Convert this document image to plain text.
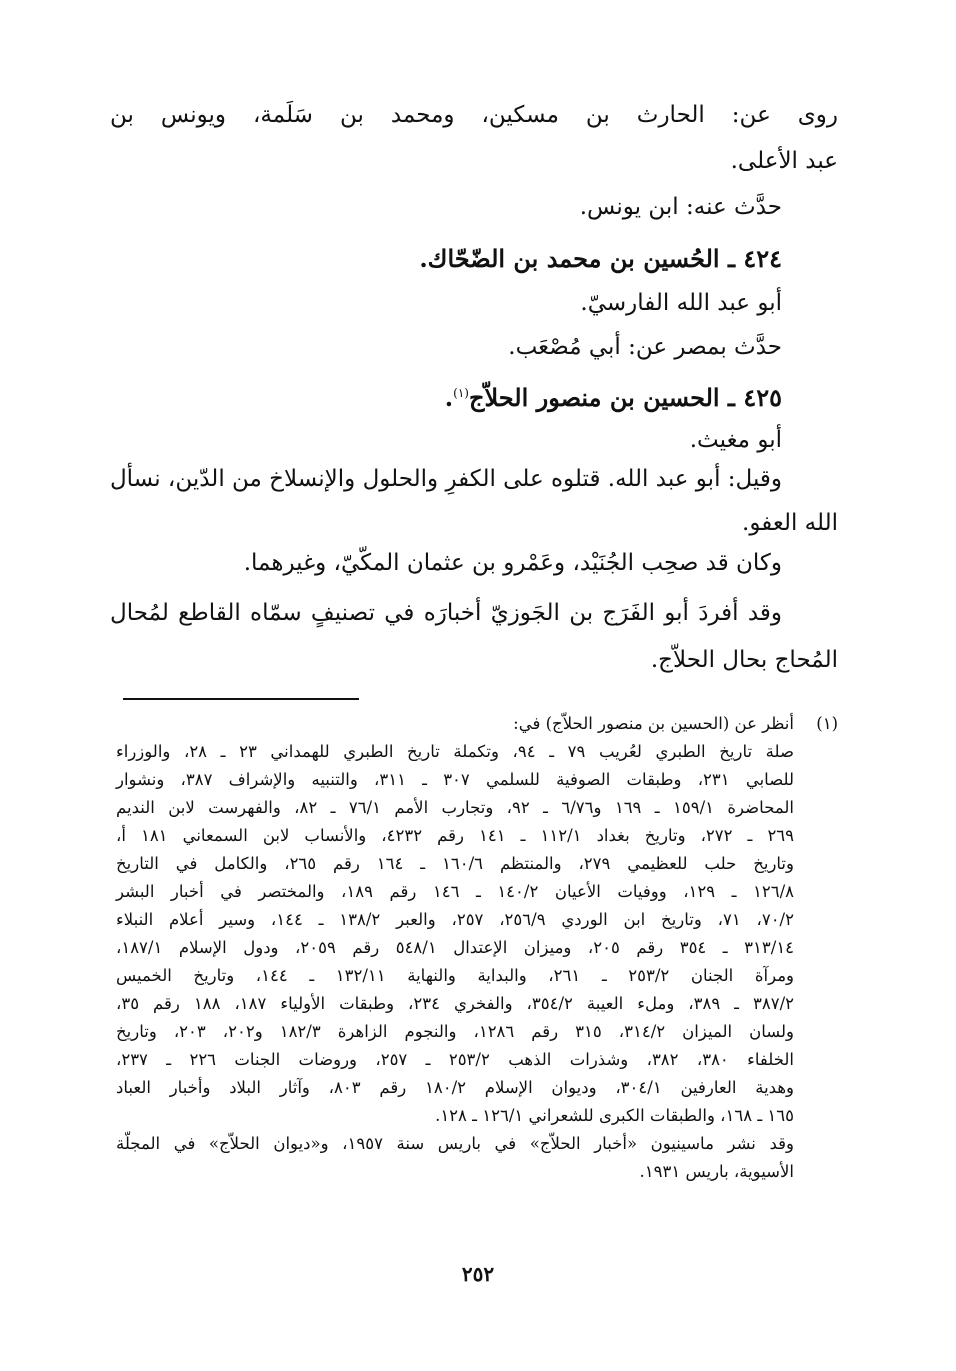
روى عن: الحارث بن مسكين، ومحمد بن سَلَمة، ويونس بن
عبد الأعلى.
حدَّث عنه: ابن يونس.
٤٢٤ ـ الحُسين بن محمد بن الضّحّاك.
أبو عبد الله الفارسيّ.
حدَّث بمصر عن: أبي مُصْعَب.
٤٢٥ ـ الحسين بن منصور الحلاّج$^{(١)}$.
أبو مغيث.
وقيل: أبو عبد الله. قتلوه على الكفرِ والحلول والإنسلاخ من الدّين، نسأل
الله العفو.
وكان قد صحِب الجُنَيْد، وعَمْرو بن عثمان المكّيّ، وغيرهما.
وقد أفردَ أبو الفَرَج بن الجَوزيّ أخبارَه في تصنيفٍ سمّاه القاطع لمُحال
المُحاج بحال الحلاّج.
(١)
أنظر عن (الحسين بن منصور الحلاّج) في:
صلة تاريخ الطبري لعُريب ٧٩ ـ ٩٤، وتكملة تاريخ الطبري للهمداني ٢٣ ـ ٢٨، والوزراء
للصابي ٢٣١، وطبقات الصوفية للسلمي ٣٠٧ ـ ٣١١، والتنبيه والإشراف ٣٨٧، ونشوار
المحاضرة ١٥٩/١ ـ ١٦٩ و٦/٧٦ ـ ٩٢، وتجارب الأمم ٧٦/١ ـ ٨٢، والفهرست لابن النديم
٢٦٩ ـ ٢٧٢، وتاريخ بغداد ١١٢/١ ـ ١٤١ رقم ٤٢٣٢، والأنساب لابن السمعاني ١٨١ أ،
وتاريخ حلب للعظيمي ٢٧٩، والمنتظم ١٦٠/٦ ـ ١٦٤ رقم ٢٦٥، والكامل في التاريخ
١٢٦/٨ ـ ١٢٩، ووفيات الأعيان ١٤٠/٢ ـ ١٤٦ رقم ١٨٩، والمختصر في أخبار البشر
٧٠/٢، ٧١، وتاريخ ابن الوردي ٢٥٦/٩، ٢٥٧، والعبر ١٣٨/٢ ـ ١٤٤، وسير أعلام النبلاء
٣١٣/١٤ ـ ٣٥٤ رقم ٢٠٥، وميزان الإعتدال ٥٤٨/١ رقم ٢٠٥٩، ودول الإسلام ١٨٧/١،
ومرآة الجنان ٢٥٣/٢ ـ ٢٦١، والبداية والنهاية ١٣٢/١١ ـ ١٤٤، وتاريخ الخميس
٣٨٧/٢ ـ ٣٨٩، وملء العيبة ٣٥٤/٢، والفخري ٢٣٤، وطبقات الأولياء ١٨٧، ١٨٨ رقم ٣٥،
ولسان الميزان ٣١٤/٢، ٣١٥ رقم ١٢٨٦، والنجوم الزاهرة ١٨٢/٣ و٢٠٢، ٢٠٣، وتاريخ
الخلفاء ٣٨٠، ٣٨٢، وشذرات الذهب ٢٥٣/٢ ـ ٢٥٧، وروضات الجنات ٢٢٦ ـ ٢٣٧،
وهدية العارفين ٣٠٤/١، وديوان الإسلام ١٨٠/٢ رقم ٨٠٣، وآثار البلاد وأخبار العباد
١٦٥ ـ ١٦٨، والطبقات الكبرى للشعراني ١٢٦/١ ـ ١٢٨.
وقد نشر ماسينيون «أخبار الحلاّج» في باريس سنة ١٩٥٧، و«ديوان الحلاّج» في المجلّة
الأسيوية، باريس ١٩٣١.
٢٥٢
